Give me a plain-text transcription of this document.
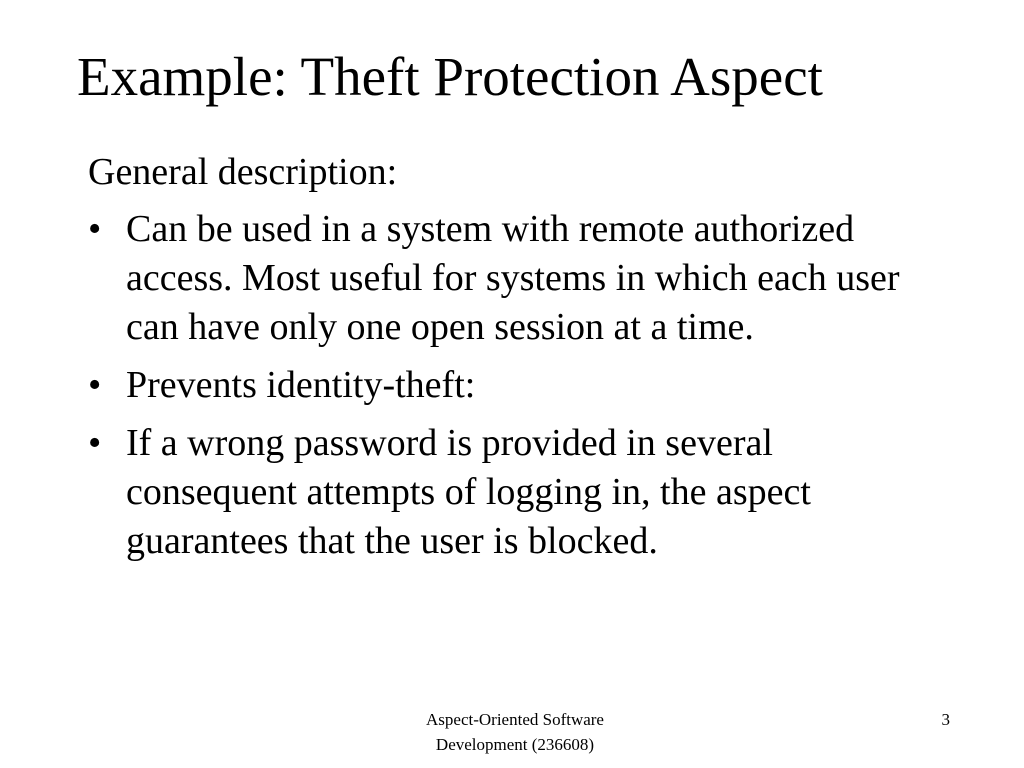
Example: Theft Protection Aspect

General description:

• Can be used in a system with remote authorized access. Most useful for systems in which each user can have only one open session at a time.
• Prevents identity-theft:
• If a wrong password is provided in several consequent attempts of logging in, the aspect guarantees that the user is blocked.
Aspect-Oriented Software
Development (236608)
3
